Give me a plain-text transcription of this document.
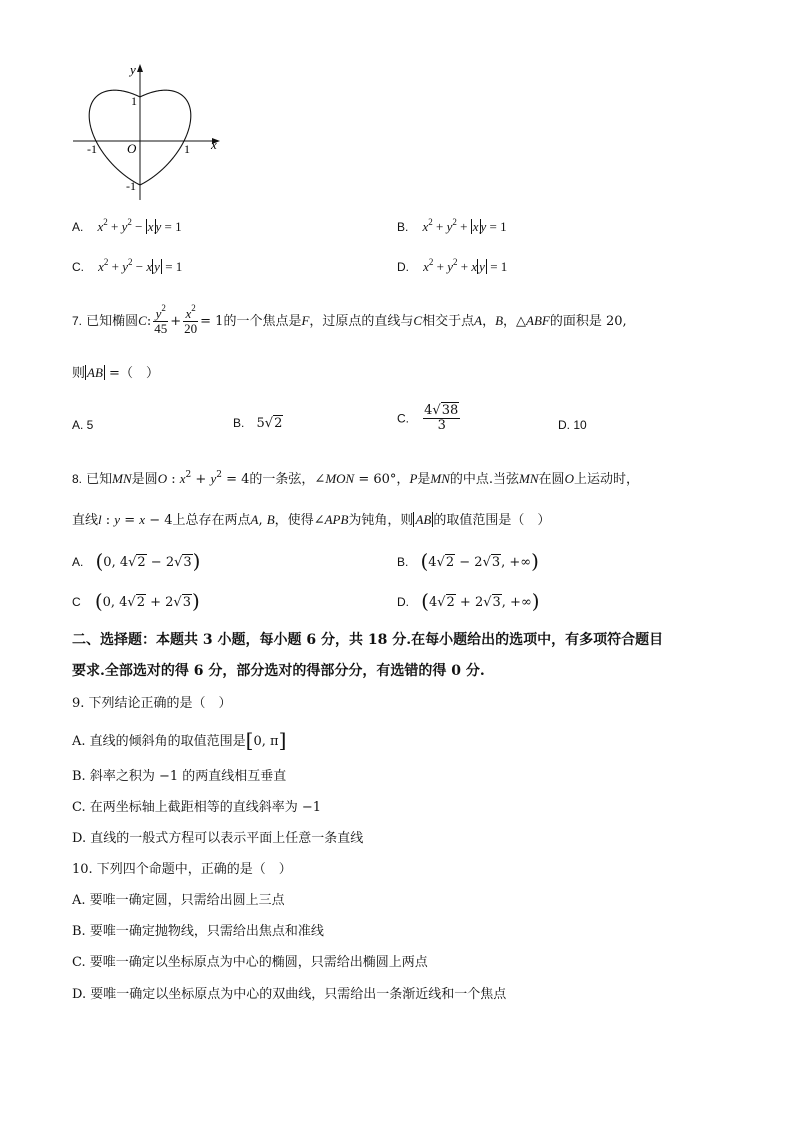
y
x
O	1
-1
1
-1
A. $x^2 + y^2 - x$ y = 1	B. $x^2 + y^2 + x$ y = 1
C. $x^2 + y^2 - x$ y = 1	D. $x^2 + y^2 + x$ y = 1
7. 已知椭圆C: $\frac{y^2}{45} + \frac{x^2}{20} = 1$的一个焦点是F，过原点的直线与C相交于点A，B，△ABF的面积是 20,
则 AB =（　）
A. 5	B. 5√2	C. $\frac{4√38}{3}$	D. 10
8. 已知MN是圆O : $x^2 + y^2 = 4$的一条弦，∠MON = 60°，P是MN的中点.当弦MN在圆O上运动时，
直线l : y = x − 4上总存在两点A, B，使得∠APB为钝角，则 AB 的取值范围是（　）
A. (0, 4√2 − 2√3)	B. (4√2 − 2√3, +∞)
C (0, 4√2 + 2√3)	D. (4√2 + 2√3, +∞)
二、选择题：本题共 3 小题，每小题 6 分，共 18 分.在每小题给出的选项中，有多项符合题目
要求.全部选对的得 6 分，部分选对的得部分分，有选错的得 0 分.
9. 下列结论正确的是（　）
A. 直线的倾斜角的取值范围是[0, π]
B. 斜率之积为 −1 的两直线相互垂直
C. 在两坐标轴上截距相等的直线斜率为 −1
D. 直线的一般式方程可以表示平面上任意一条直线
10. 下列四个命题中，正确的是（　）
A. 要唯一确定圆，只需给出圆上三点
B. 要唯一确定抛物线，只需给出焦点和准线
C. 要唯一确定以坐标原点为中心的椭圆，只需给出椭圆上两点
D. 要唯一确定以坐标原点为中心的双曲线，只需给出一条渐近线和一个焦点
